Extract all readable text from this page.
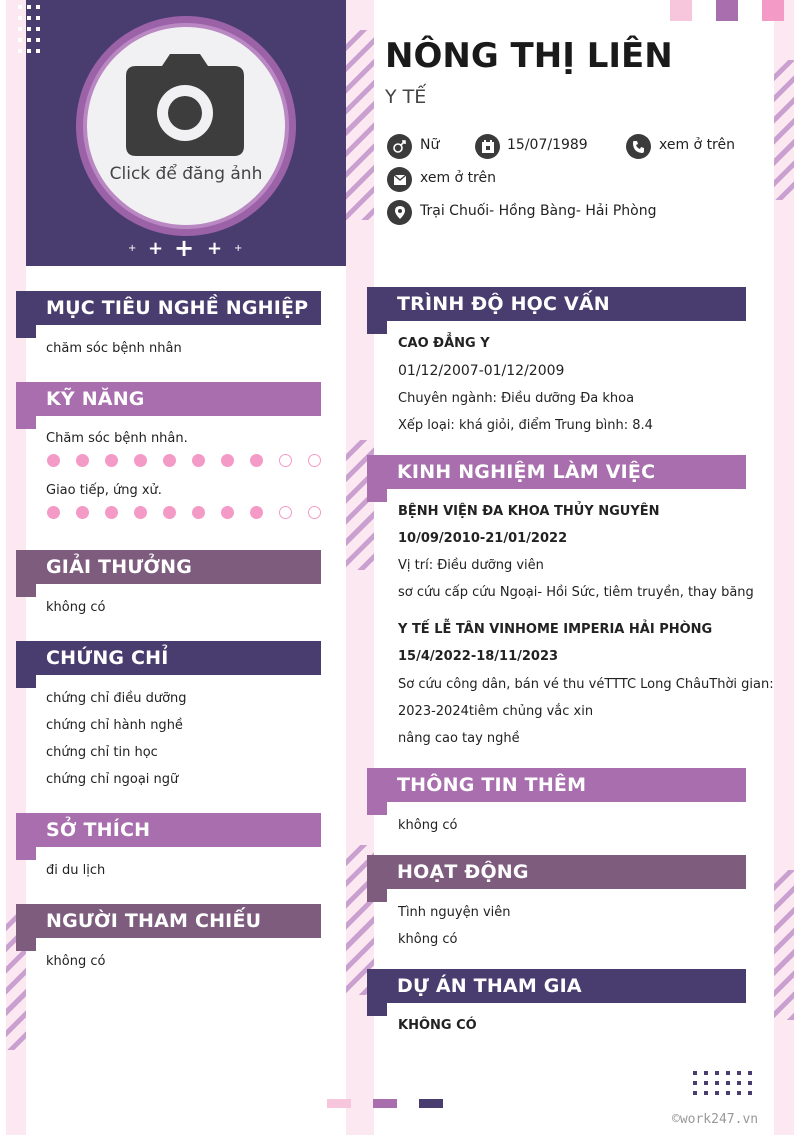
Click để đăng ảnh
+ + + + +
NÔNG THỊ LIÊN
Y TẾ
Nữ	15/07/1989	xem ở trên
xem ở trên
Trại Chuối- Hồng Bàng- Hải Phòng
MỤC TIÊU NGHỀ NGHIỆP
chăm sóc bệnh nhân
KỸ NĂNG
Chăm sóc bệnh nhân.
Giao tiếp, ứng xử.
GIẢI THƯỞNG
không có
CHỨNG CHỈ
chứng chỉ điều dưỡng
chứng chỉ hành nghề
chứng chỉ tin học
chứng chỉ ngoại ngữ
SỞ THÍCH
đi du lịch
NGƯỜI THAM CHIẾU
không có
TRÌNH ĐỘ HỌC VẤN
CAO ĐẲNG Y
01/12/2007-01/12/2009
Chuyên ngành: Điều dưỡng Đa khoa
Xếp loại: khá giỏi, điểm Trung bình: 8.4
KINH NGHIỆM LÀM VIỆC
BỆNH VIỆN ĐA KHOA THỦY NGUYÊN
10/09/2010-21/01/2022
Vị trí: Điều dưỡng viên
sơ cứu cấp cứu Ngoại- Hồi Sức, tiêm truyền, thay băng
Y TẾ LỄ TÂN VINHOME IMPERIA HẢI PHÒNG
15/4/2022-18/11/2023
Sơ cứu công dân, bán vé thu véTTTC Long ChâuThời gian:
2023-2024tiêm chủng vắc xin
nâng cao tay nghề
THÔNG TIN THÊM
không có
HOẠT ĐỘNG
Tình nguyện viên
không có
DỰ ÁN THAM GIA
KHÔNG CÓ
©work247.vn
